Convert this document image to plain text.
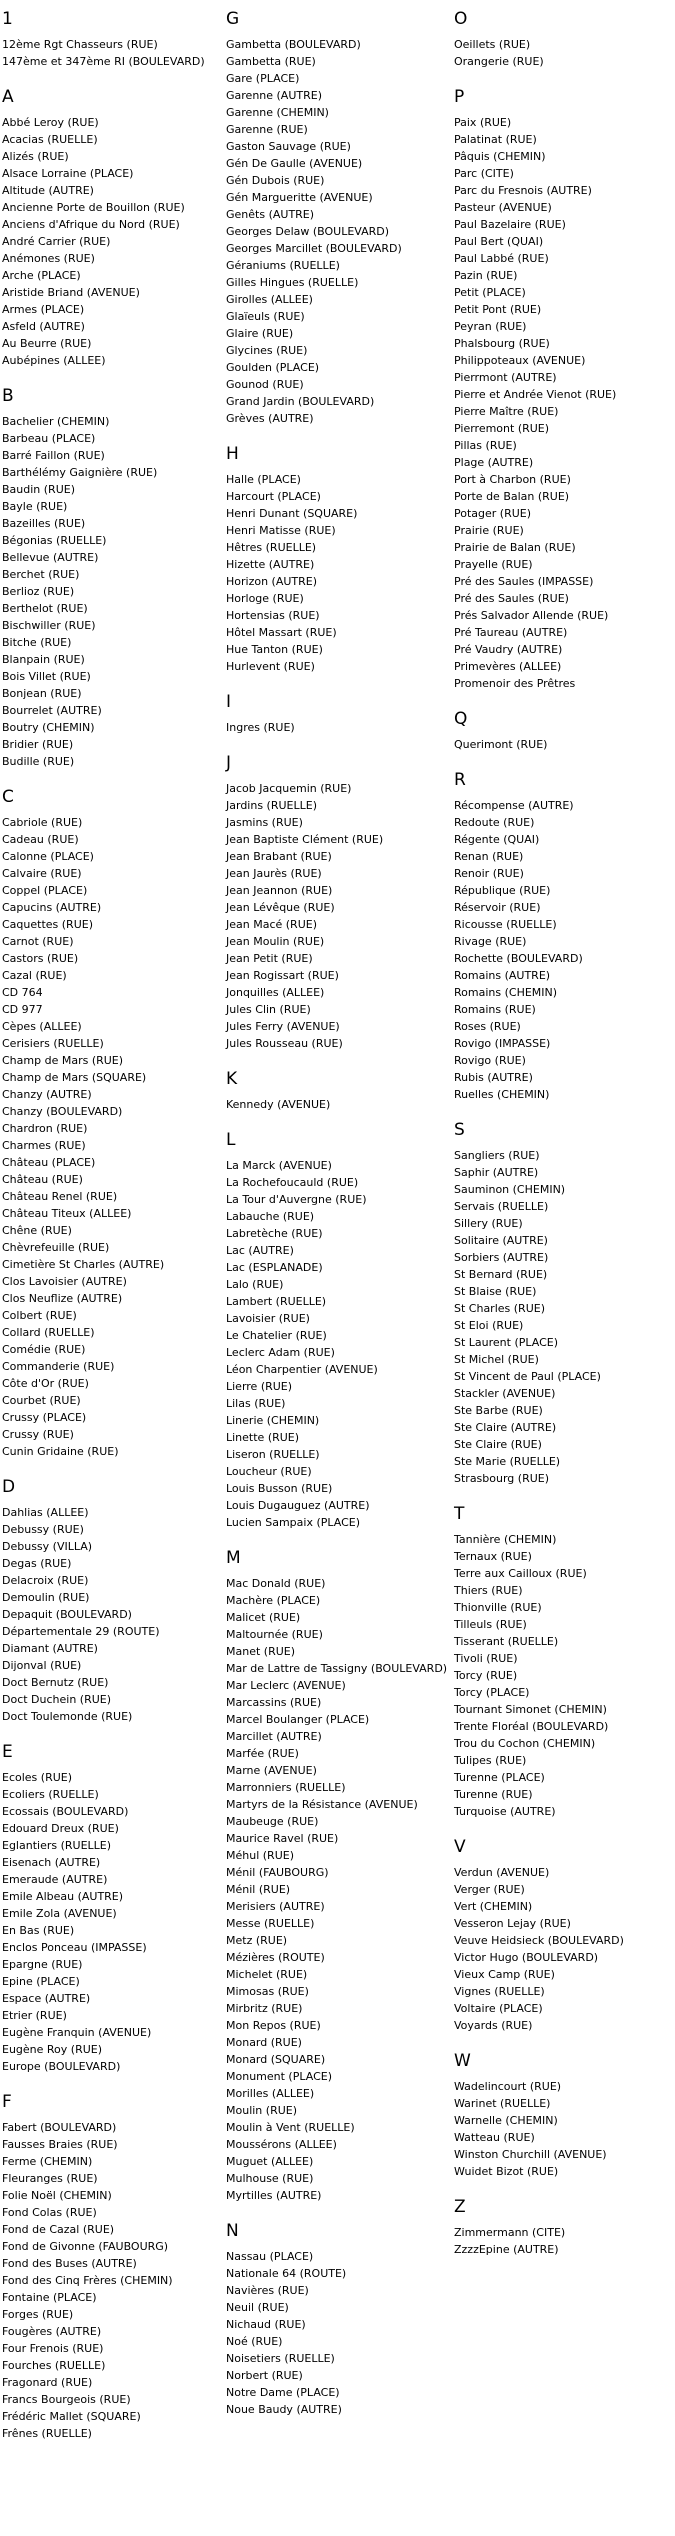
1
12ème Rgt Chasseurs (RUE)
147ème et 347ème RI (BOULEVARD)
A
Abbé Leroy (RUE)
Acacias (RUELLE)
Alizés (RUE)
Alsace Lorraine (PLACE)
Altitude (AUTRE)
Ancienne Porte de Bouillon (RUE)
Anciens d'Afrique du Nord (RUE)
André Carrier (RUE)
Anémones (RUE)
Arche (PLACE)
Aristide Briand (AVENUE)
Armes (PLACE)
Asfeld (AUTRE)
Au Beurre (RUE)
Aubépines (ALLEE)
B
Bachelier (CHEMIN)
Barbeau (PLACE)
Barré Faillon (RUE)
Barthélémy Gaignière (RUE)
Baudin (RUE)
Bayle (RUE)
Bazeilles (RUE)
Bégonias (RUELLE)
Bellevue (AUTRE)
Berchet (RUE)
Berlioz (RUE)
Berthelot (RUE)
Bischwiller (RUE)
Bitche (RUE)
Blanpain (RUE)
Bois Villet (RUE)
Bonjean (RUE)
Bourrelet (AUTRE)
Boutry (CHEMIN)
Bridier (RUE)
Budille (RUE)
C
Cabriole (RUE)
Cadeau (RUE)
Calonne (PLACE)
Calvaire (RUE)
Coppel (PLACE)
Capucins (AUTRE)
Caquettes (RUE)
Carnot (RUE)
Castors (RUE)
Cazal (RUE)
CD 764
CD 977
Cèpes (ALLEE)
Cerisiers (RUELLE)
Champ de Mars (RUE)
Champ de Mars (SQUARE)
Chanzy (AUTRE)
Chanzy (BOULEVARD)
Chardron (RUE)
Charmes (RUE)
Château (PLACE)
Château (RUE)
Château Renel (RUE)
Château Titeux (ALLEE)
Chêne (RUE)
Chèvrefeuille (RUE)
Cimetière St Charles (AUTRE)
Clos Lavoisier (AUTRE)
Clos Neuflize (AUTRE)
Colbert (RUE)
Collard (RUELLE)
Comédie (RUE)
Commanderie (RUE)
Côte d'Or (RUE)
Courbet (RUE)
Crussy (PLACE)
Crussy (RUE)
Cunin Gridaine (RUE)
D
Dahlias (ALLEE)
Debussy (RUE)
Debussy (VILLA)
Degas (RUE)
Delacroix (RUE)
Demoulin (RUE)
Depaquit (BOULEVARD)
Départementale 29 (ROUTE)
Diamant (AUTRE)
Dijonval (RUE)
Doct Bernutz (RUE)
Doct Duchein (RUE)
Doct Toulemonde (RUE)
E
Ecoles (RUE)
Ecoliers (RUELLE)
Ecossais (BOULEVARD)
Edouard Dreux (RUE)
Eglantiers (RUELLE)
Eisenach (AUTRE)
Emeraude (AUTRE)
Emile Albeau (AUTRE)
Emile Zola (AVENUE)
En Bas (RUE)
Enclos Ponceau (IMPASSE)
Epargne (RUE)
Epine (PLACE)
Espace (AUTRE)
Etrier (RUE)
Eugène Franquin (AVENUE)
Eugène Roy (RUE)
Europe (BOULEVARD)
F
Fabert (BOULEVARD)
Fausses Braies (RUE)
Ferme (CHEMIN)
Fleuranges (RUE)
Folie Noël (CHEMIN)
Fond Colas (RUE)
Fond de Cazal (RUE)
Fond de Givonne (FAUBOURG)
Fond des Buses (AUTRE)
Fond des Cinq Frères (CHEMIN)
Fontaine (PLACE)
Forges (RUE)
Fougères (AUTRE)
Four Frenois (RUE)
Fourches (RUELLE)
Fragonard (RUE)
Francs Bourgeois (RUE)
Frédéric Mallet (SQUARE)
Frênes (RUELLE)
G
Gambetta (BOULEVARD)
Gambetta (RUE)
Gare (PLACE)
Garenne (AUTRE)
Garenne (CHEMIN)
Garenne (RUE)
Gaston Sauvage (RUE)
Gén De Gaulle (AVENUE)
Gén Dubois (RUE)
Gén Margueritte (AVENUE)
Genêts (AUTRE)
Georges Delaw (BOULEVARD)
Georges Marcillet (BOULEVARD)
Géraniums (RUELLE)
Gilles Hingues (RUELLE)
Girolles (ALLEE)
Glaïeuls (RUE)
Glaire (RUE)
Glycines (RUE)
Goulden (PLACE)
Gounod (RUE)
Grand Jardin (BOULEVARD)
Grèves (AUTRE)
H
Halle (PLACE)
Harcourt (PLACE)
Henri Dunant (SQUARE)
Henri Matisse (RUE)
Hêtres (RUELLE)
Hizette (AUTRE)
Horizon (AUTRE)
Horloge (RUE)
Hortensias (RUE)
Hôtel Massart (RUE)
Hue Tanton (RUE)
Hurlevent (RUE)
I
Ingres (RUE)
J
Jacob Jacquemin (RUE)
Jardins (RUELLE)
Jasmins (RUE)
Jean Baptiste Clément (RUE)
Jean Brabant (RUE)
Jean Jaurès (RUE)
Jean Jeannon (RUE)
Jean Lévêque (RUE)
Jean Macé (RUE)
Jean Moulin (RUE)
Jean Petit (RUE)
Jean Rogissart (RUE)
Jonquilles (ALLEE)
Jules Clin (RUE)
Jules Ferry (AVENUE)
Jules Rousseau (RUE)
K
Kennedy (AVENUE)
L
La Marck (AVENUE)
La Rochefoucauld (RUE)
La Tour d'Auvergne (RUE)
Labauche (RUE)
Labretèche (RUE)
Lac (AUTRE)
Lac (ESPLANADE)
Lalo (RUE)
Lambert (RUELLE)
Lavoisier (RUE)
Le Chatelier (RUE)
Leclerc Adam (RUE)
Léon Charpentier (AVENUE)
Lierre (RUE)
Lilas (RUE)
Linerie (CHEMIN)
Linette (RUE)
Liseron (RUELLE)
Loucheur (RUE)
Louis Busson (RUE)
Louis Dugauguez (AUTRE)
Lucien Sampaix (PLACE)
M
Mac Donald (RUE)
Machère (PLACE)
Malicet (RUE)
Maltournée (RUE)
Manet (RUE)
Mar de Lattre de Tassigny (BOULEVARD)
Mar Leclerc (AVENUE)
Marcassins (RUE)
Marcel Boulanger (PLACE)
Marcillet (AUTRE)
Marfée (RUE)
Marne (AVENUE)
Marronniers (RUELLE)
Martyrs de la Résistance (AVENUE)
Maubeuge (RUE)
Maurice Ravel (RUE)
Méhul (RUE)
Ménil (FAUBOURG)
Ménil (RUE)
Merisiers (AUTRE)
Messe (RUELLE)
Metz (RUE)
Mézières (ROUTE)
Michelet (RUE)
Mimosas (RUE)
Mirbritz (RUE)
Mon Repos (RUE)
Monard (RUE)
Monard (SQUARE)
Monument (PLACE)
Morilles (ALLEE)
Moulin (RUE)
Moulin à Vent (RUELLE)
Moussérons (ALLEE)
Muguet (ALLEE)
Mulhouse (RUE)
Myrtilles (AUTRE)
N
Nassau (PLACE)
Nationale 64 (ROUTE)
Navières (RUE)
Neuil (RUE)
Nichaud (RUE)
Noé (RUE)
Noisetiers (RUELLE)
Norbert (RUE)
Notre Dame (PLACE)
Noue Baudy (AUTRE)
O
Oeillets (RUE)
Orangerie (RUE)
P
Paix (RUE)
Palatinat (RUE)
Pâquis (CHEMIN)
Parc (CITE)
Parc du Fresnois (AUTRE)
Pasteur (AVENUE)
Paul Bazelaire (RUE)
Paul Bert (QUAI)
Paul Labbé (RUE)
Pazin (RUE)
Petit (PLACE)
Petit Pont (RUE)
Peyran (RUE)
Phalsbourg (RUE)
Philippoteaux (AVENUE)
Pierrmont (AUTRE)
Pierre et Andrée Vienot (RUE)
Pierre Maître (RUE)
Pierremont (RUE)
Pillas (RUE)
Plage (AUTRE)
Port à Charbon (RUE)
Porte de Balan (RUE)
Potager (RUE)
Prairie (RUE)
Prairie de Balan (RUE)
Prayelle (RUE)
Pré des Saules (IMPASSE)
Pré des Saules (RUE)
Prés Salvador Allende (RUE)
Pré Taureau (AUTRE)
Pré Vaudry (AUTRE)
Primevères (ALLEE)
Promenoir des Prêtres
Q
Querimont (RUE)
R
Récompense (AUTRE)
Redoute (RUE)
Régente (QUAI)
Renan (RUE)
Renoir (RUE)
République (RUE)
Réservoir (RUE)
Ricousse (RUELLE)
Rivage (RUE)
Rochette (BOULEVARD)
Romains (AUTRE)
Romains (CHEMIN)
Romains (RUE)
Roses (RUE)
Rovigo (IMPASSE)
Rovigo (RUE)
Rubis (AUTRE)
Ruelles (CHEMIN)
S
Sangliers (RUE)
Saphir (AUTRE)
Sauminon (CHEMIN)
Servais (RUELLE)
Sillery (RUE)
Solitaire (AUTRE)
Sorbiers (AUTRE)
St Bernard (RUE)
St Blaise (RUE)
St Charles (RUE)
St Eloi (RUE)
St Laurent (PLACE)
St Michel (RUE)
St Vincent de Paul (PLACE)
Stackler (AVENUE)
Ste Barbe (RUE)
Ste Claire (AUTRE)
Ste Claire (RUE)
Ste Marie (RUELLE)
Strasbourg (RUE)
T
Tannière (CHEMIN)
Ternaux (RUE)
Terre aux Cailloux (RUE)
Thiers (RUE)
Thionville (RUE)
Tilleuls (RUE)
Tisserant (RUELLE)
Tivoli (RUE)
Torcy (RUE)
Torcy (PLACE)
Tournant Simonet (CHEMIN)
Trente Floréal (BOULEVARD)
Trou du Cochon (CHEMIN)
Tulipes (RUE)
Turenne (PLACE)
Turenne (RUE)
Turquoise (AUTRE)
V
Verdun (AVENUE)
Verger (RUE)
Vert (CHEMIN)
Vesseron Lejay (RUE)
Veuve Heidsieck (BOULEVARD)
Victor Hugo (BOULEVARD)
Vieux Camp (RUE)
Vignes (RUELLE)
Voltaire (PLACE)
Voyards (RUE)
W
Wadelincourt (RUE)
Warinet (RUELLE)
Warnelle (CHEMIN)
Watteau (RUE)
Winston Churchill (AVENUE)
Wuidet Bizot (RUE)
Z
Zimmermann (CITE)
ZzzzEpine (AUTRE)
